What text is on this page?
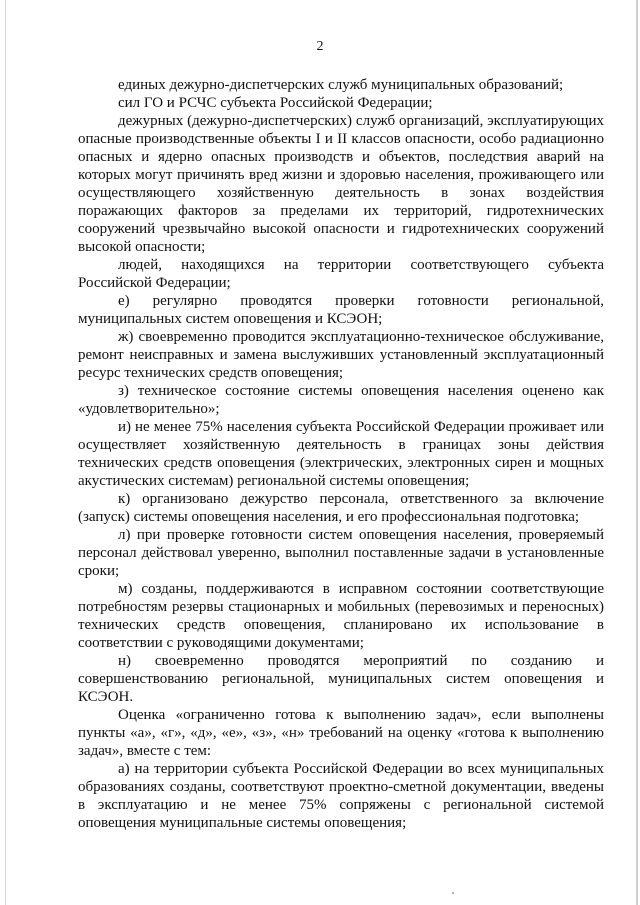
2

единых дежурно-диспетчерских служб муниципальных образований;

сил ГО и РСЧС субъекта Российской Федерации;

дежурных (дежурно-диспетчерских) служб организаций, эксплуатирующих опасные производственные объекты I и II классов опасности, особо радиационно опасных и ядерно опасных производств и объектов, последствия аварий на которых могут причинять вред жизни и здоровью населения, проживающего или осуществляющего хозяйственную деятельность в зонах воздействия поражающих факторов за пределами их территорий, гидротехнических сооружений чрезвычайно высокой опасности и гидротехнических сооружений высокой опасности;

людей, находящихся на территории соответствующего субъекта Российской Федерации;

е) регулярно проводятся проверки готовности региональной, муниципальных систем оповещения и КСЭОН;

ж) своевременно проводится эксплуатационно-техническое обслуживание, ремонт неисправных и замена выслуживших установленный эксплуатационный ресурс технических средств оповещения;

з) техническое состояние системы оповещения населения оценено как «удовлетворительно»;

и) не менее 75% населения субъекта Российской Федерации проживает или осуществляет хозяйственную деятельность в границах зоны действия технических средств оповещения (электрических, электронных сирен и мощных акустических системам) региональной системы оповещения;

к) организовано дежурство персонала, ответственного за включение (запуск) системы оповещения населения, и его профессиональная подготовка;

л) при проверке готовности систем оповещения населения, проверяемый персонал действовал уверенно, выполнил поставленные задачи в установленные сроки;

м) созданы, поддерживаются в исправном состоянии соответствующие потребностям резервы стационарных и мобильных (перевозимых и переносных) технических средств оповещения, спланировано их использование в соответствии с руководящими документами;

н) своевременно проводятся мероприятий по созданию и совершенствованию региональной, муниципальных систем оповещения и КСЭОН.

Оценка «ограниченно готова к выполнению задач», если выполнены пункты «а», «г», «д», «е», «з», «н» требований на оценку «готова к выполнению задач», вместе с тем:

а) на территории субъекта Российской Федерации во всех муниципальных образованиях созданы, соответствуют проектно-сметной документации, введены в эксплуатацию и не менее 75% сопряжены с региональной системой оповещения муниципальные системы оповещения;
